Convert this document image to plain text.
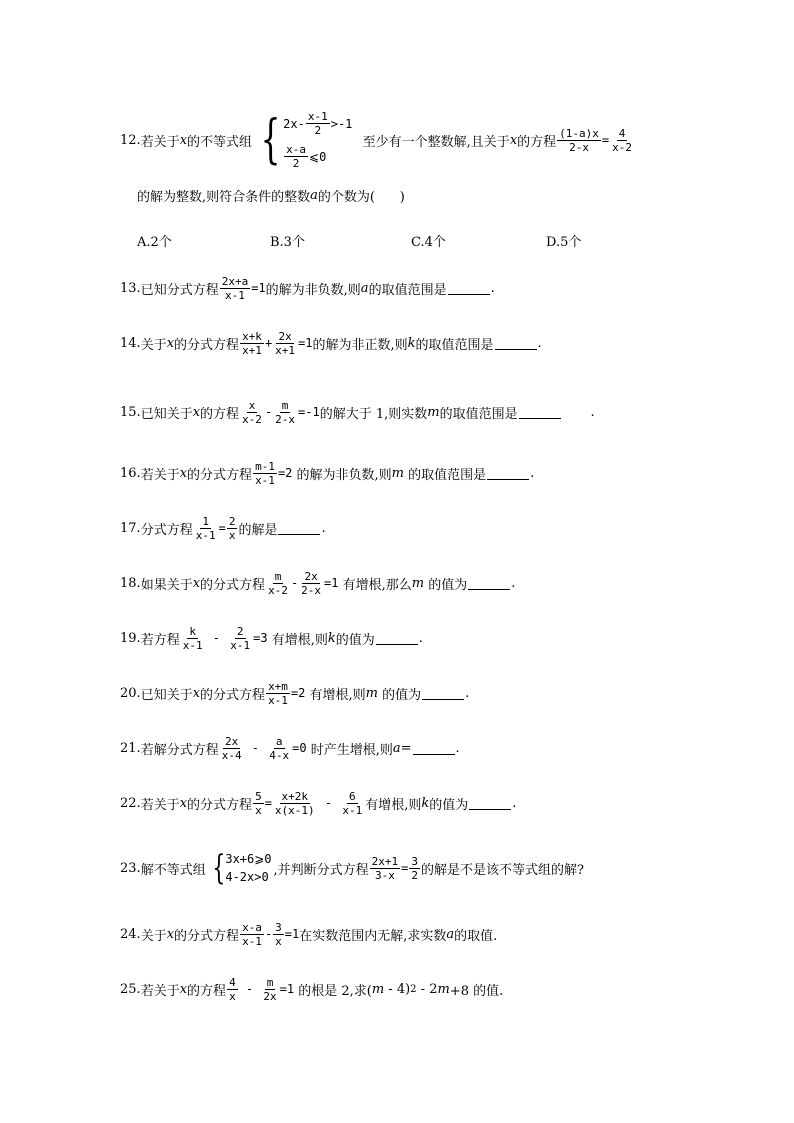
12. 若关于 x 的不等式组 { $2x- \frac{x-1}{2} >-1$
$\frac{x-a}{2}$ ⩽0
至少有一个整数解,且关于 x 的方程 $\frac{(1-a)x}{2-x} = \frac{4}{x-2}$
的解为整数,则符合条件的整数 a 的个数为(      )
A.2个	B.3个	C.4个	D.5个
13. 已知分式方程 $\frac{2x+a}{x-1} =1$ 的解为非负数,则 a 的取值范围是	.
14. 关于 x 的分式方程 $\frac{x+k}{x+1} + \frac{2x}{x+1} =1$ 的解为非正数,则 k 的取值范围是	.
15. 已知关于 x 的方程 $\frac{x}{x-2} - \frac{m}{2-x} =-1$ 的解大于 1,则实数 m 的取值范围是	.
16. 若关于 x 的分式方程 $\frac{m-1}{x-1} =2$ 的解为非负数,则 m 的取值范围是	.
17. 分式方程 $\frac{1}{x-1} = \frac{2}{x}$ 的解是	.
18. 如果关于 x 的分式方程 $\frac{m}{x-2} - \frac{2x}{2-x} =1$ 有增根,那么 m 的值为	.
19. 若方程 $\frac{k}{x-1} - \frac{2}{x-1} =3$ 有增根,则 k 的值为	.
20. 已知关于 x 的分式方程 $\frac{x+m}{x-1} =2$ 有增根,则 m 的值为	.
21. 若解分式方程 $\frac{2x}{x-4} - \frac{a}{4-x} =0$ 时产生增根,则 a =	.
22. 若关于 x 的分式方程 $\frac{5}{x} = \frac{x+2k}{x(x-1)} - \frac{6}{x-1}$ 有增根,则 k 的值为	.
23. 解不等式组 { 3x+6⩾0
4-2x>0 ,并判断分式方程 $\frac{2x+1}{3-x} = \frac{3}{2}$ 的解是不是该不等式组的解?
24. 关于 x 的分式方程 $\frac{x-a}{x-1} - \frac{3}{x} =1$ 在实数范围内无解,求实数 a 的取值.
25. 若关于 x 的方程 $\frac{4}{x} - \frac{m}{2x} =1$ 的根是 2,求( m - 4) 2 - 2 m +8 的值.
